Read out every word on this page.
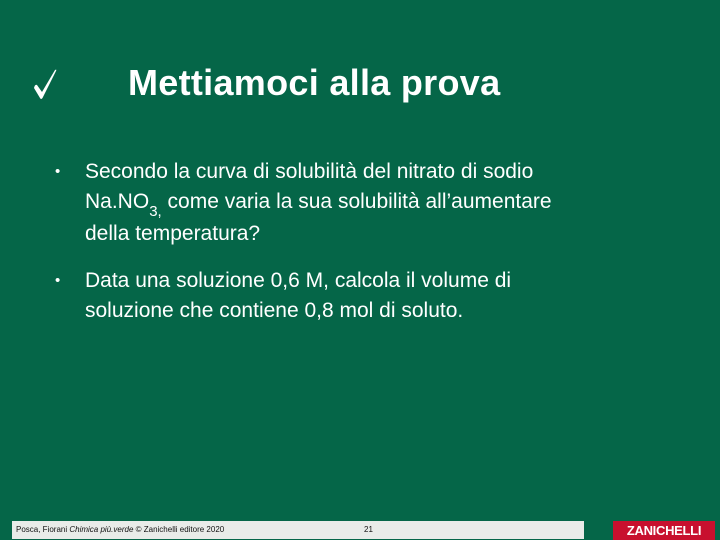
Mettiamoci alla prova
• Secondo la curva di solubilità del nitrato di sodio
$Na.NO_{3,}$ come varia la sua solubilità all’aumentare
della temperatura?
• Data una soluzione 0,6 M, calcola il volume di
soluzione che contiene 0,8 mol di soluto.
Posca, Fiorani Chimica più.verde © Zanichelli editore 2020	21	ZANICHELLI
